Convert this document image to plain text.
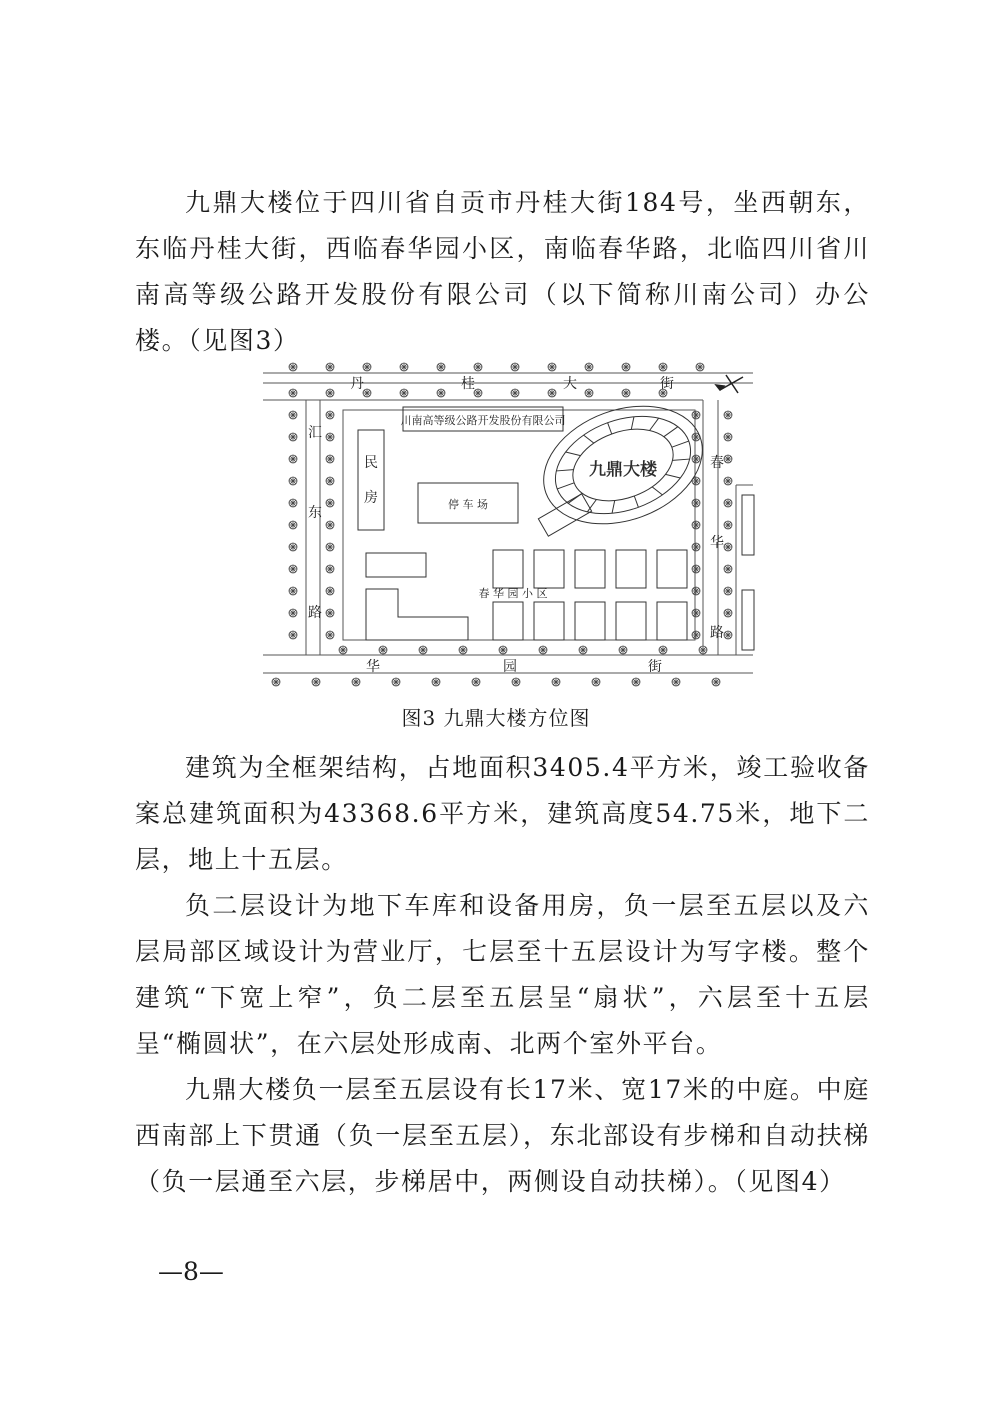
九鼎大楼位于四川省自贡市丹桂大街184号，坐西朝东，东临丹桂大街，西临春华园小区，南临春华路，北临四川省川南高等级公路开发股份有限公司（以下简称川南公司）办公楼。（见图3）

川南高等级公路开发股份有限公司
民
房	停 车 场
九鼎大楼
春 华 园 小 区
丹	桂	大	街
汇
东
路
春
华
路
华	园	街
图3 九鼎大楼方位图

建筑为全框架结构，占地面积3405.4平方米，竣工验收备案总建筑面积为43368.6平方米，建筑高度54.75米，地下二层，地上十五层。

负二层设计为地下车库和设备用房，负一层至五层以及六层局部区域设计为营业厅，七层至十五层设计为写字楼。整个建筑“下宽上窄”，负二层至五层呈“扇状”，六层至十五层呈“椭圆状”，在六层处形成南、北两个室外平台。

九鼎大楼负一层至五层设有长17米、宽17米的中庭。中庭西南部上下贯通（负一层至五层），东北部设有步梯和自动扶梯（负一层通至六层，步梯居中，两侧设自动扶梯）。（见图4）

—8—
